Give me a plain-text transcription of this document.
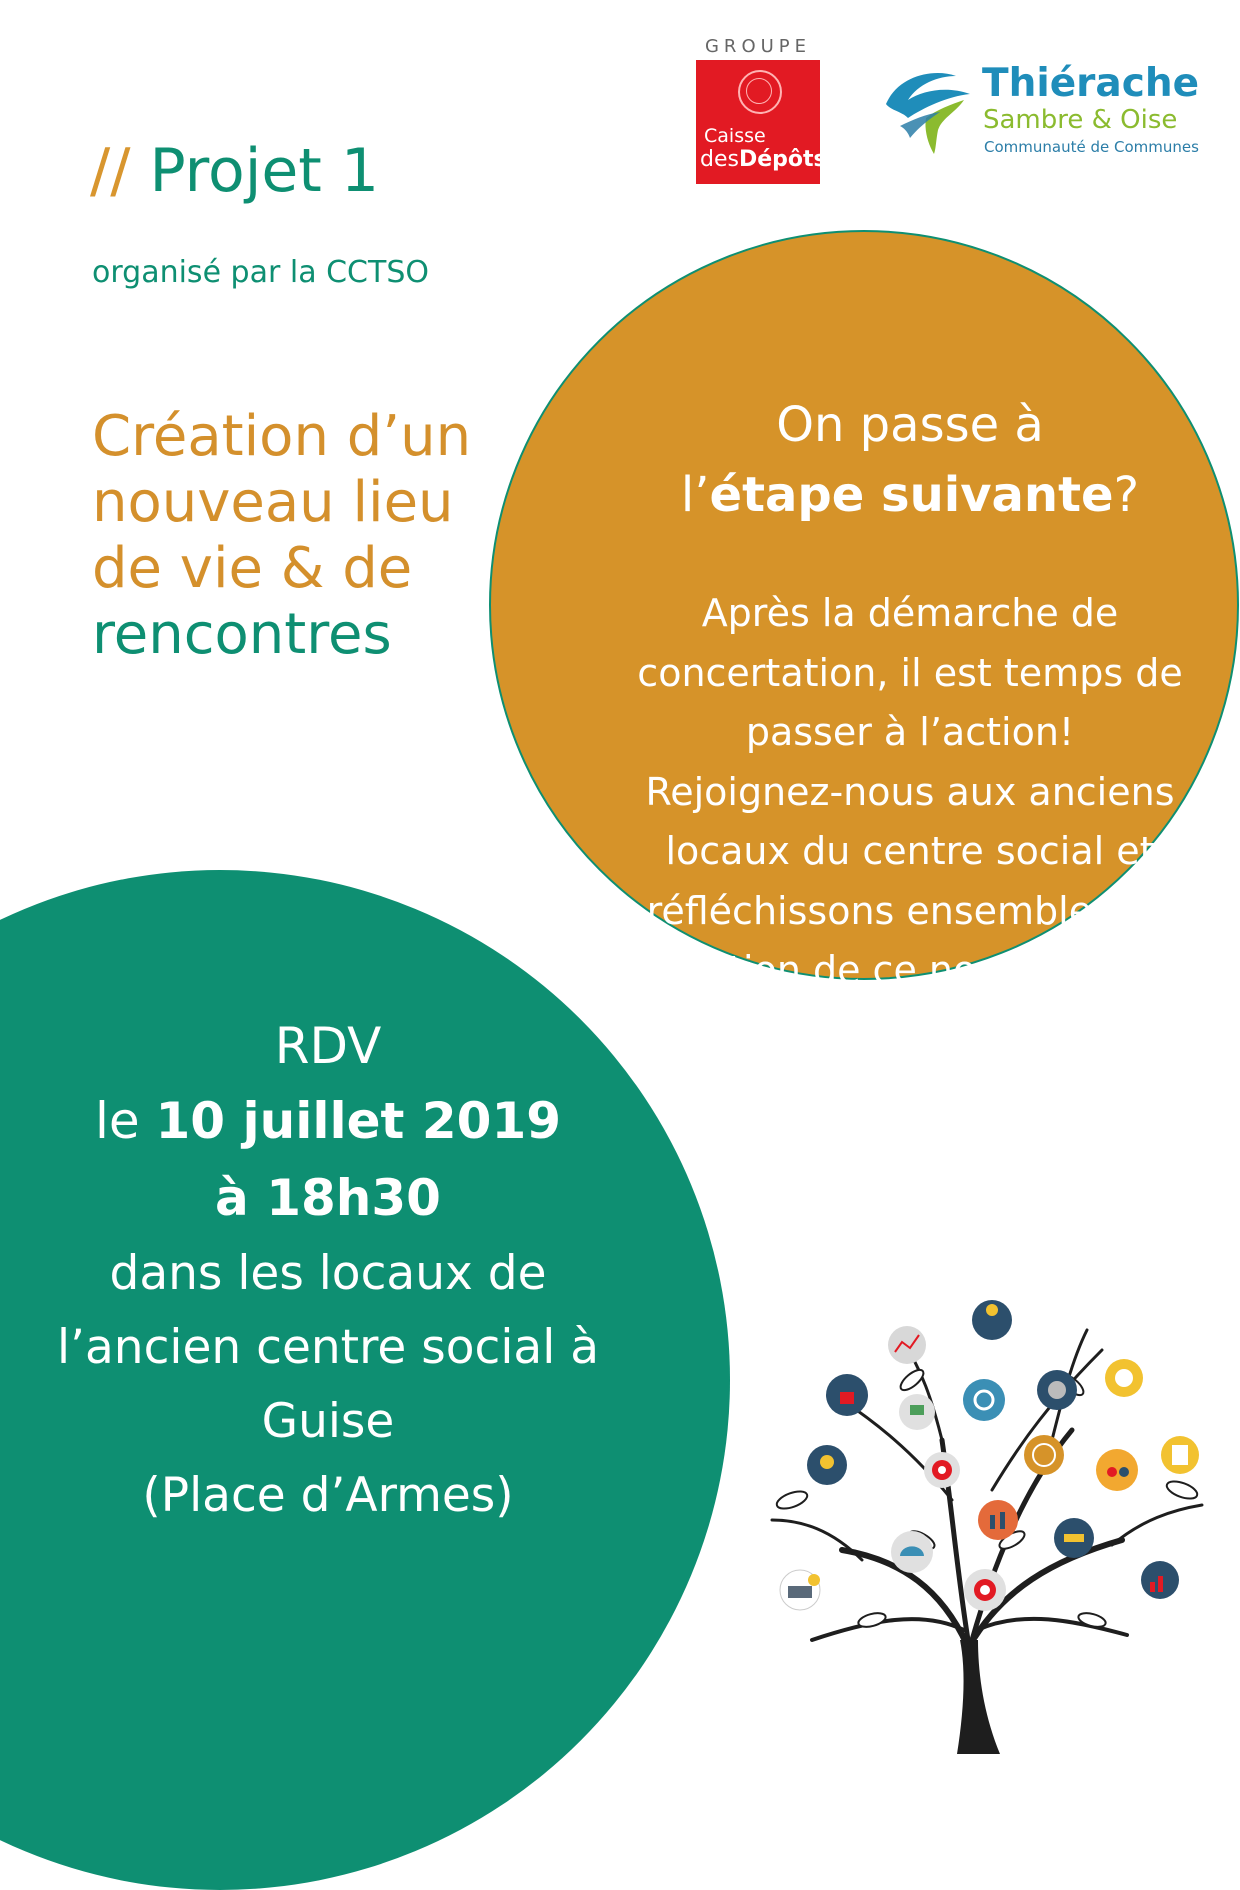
GROUPE
Caisse
desDépôts
Thiérache
Sambre & Oise
Communauté de Communes
// Projet 1
organisé par la CCTSO
Création d’un
nouveau lieu
de vie & de
rencontres
On passe à
l’étape suivante?
Après la démarche de
concertation, il est temps de
passer à l’action!
Rejoignez-nous aux anciens
locaux du centre social et
réfléchissons ensemble à la
création de ce nouveau lieu
de vie!
RDV
le 10 juillet 2019
à 18h30
dans les locaux de
l’ancien centre social à
Guise
(Place d’Armes)
